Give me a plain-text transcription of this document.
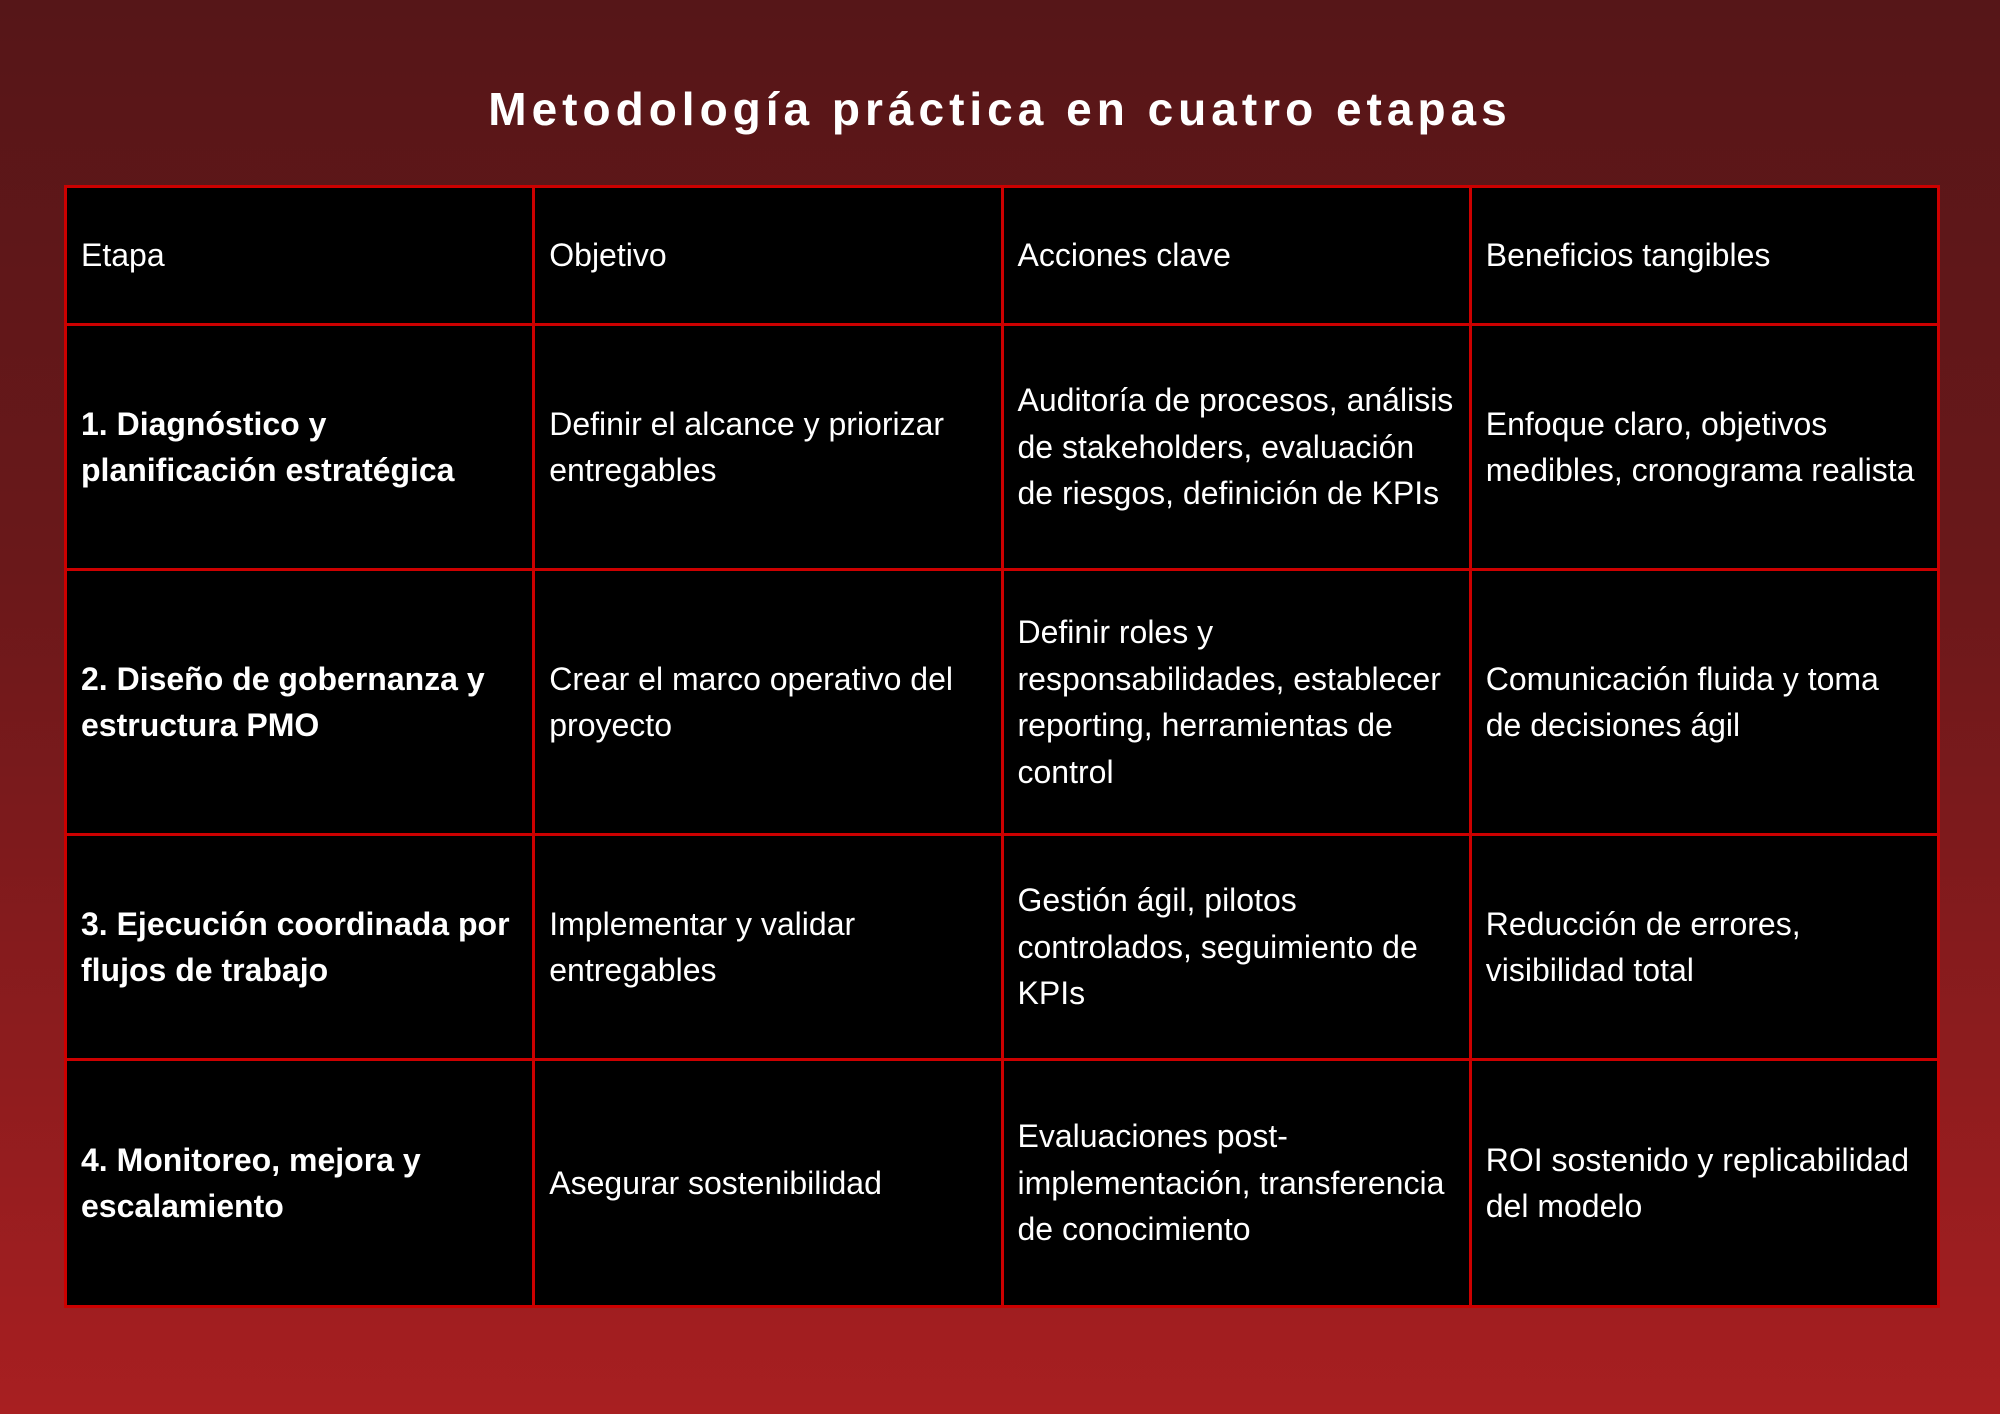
Metodología práctica en cuatro etapas
Etapa	Objetivo	Acciones clave	Beneficios tangibles
1. Diagnóstico y planificación estratégica	Definir el alcance y priorizar entregables	Auditoría de procesos, análisis de stakeholders, evaluación de riesgos, definición de KPIs	Enfoque claro, objetivos medibles, cronograma realista
2. Diseño de gobernanza y estructura PMO	Crear el marco operativo del proyecto	Definir roles y responsabilidades, establecer reporting, herramientas de control	Comunicación fluida y toma de decisiones ágil
3. Ejecución coordinada por flujos de trabajo	Implementar y validar entregables	Gestión ágil, pilotos controlados, seguimiento de KPIs	Reducción de errores, visibilidad total
4. Monitoreo, mejora y escalamiento	Asegurar sostenibilidad	Evaluaciones post-implementación, transferencia de conocimiento	ROI sostenido y replicabilidad del modelo
